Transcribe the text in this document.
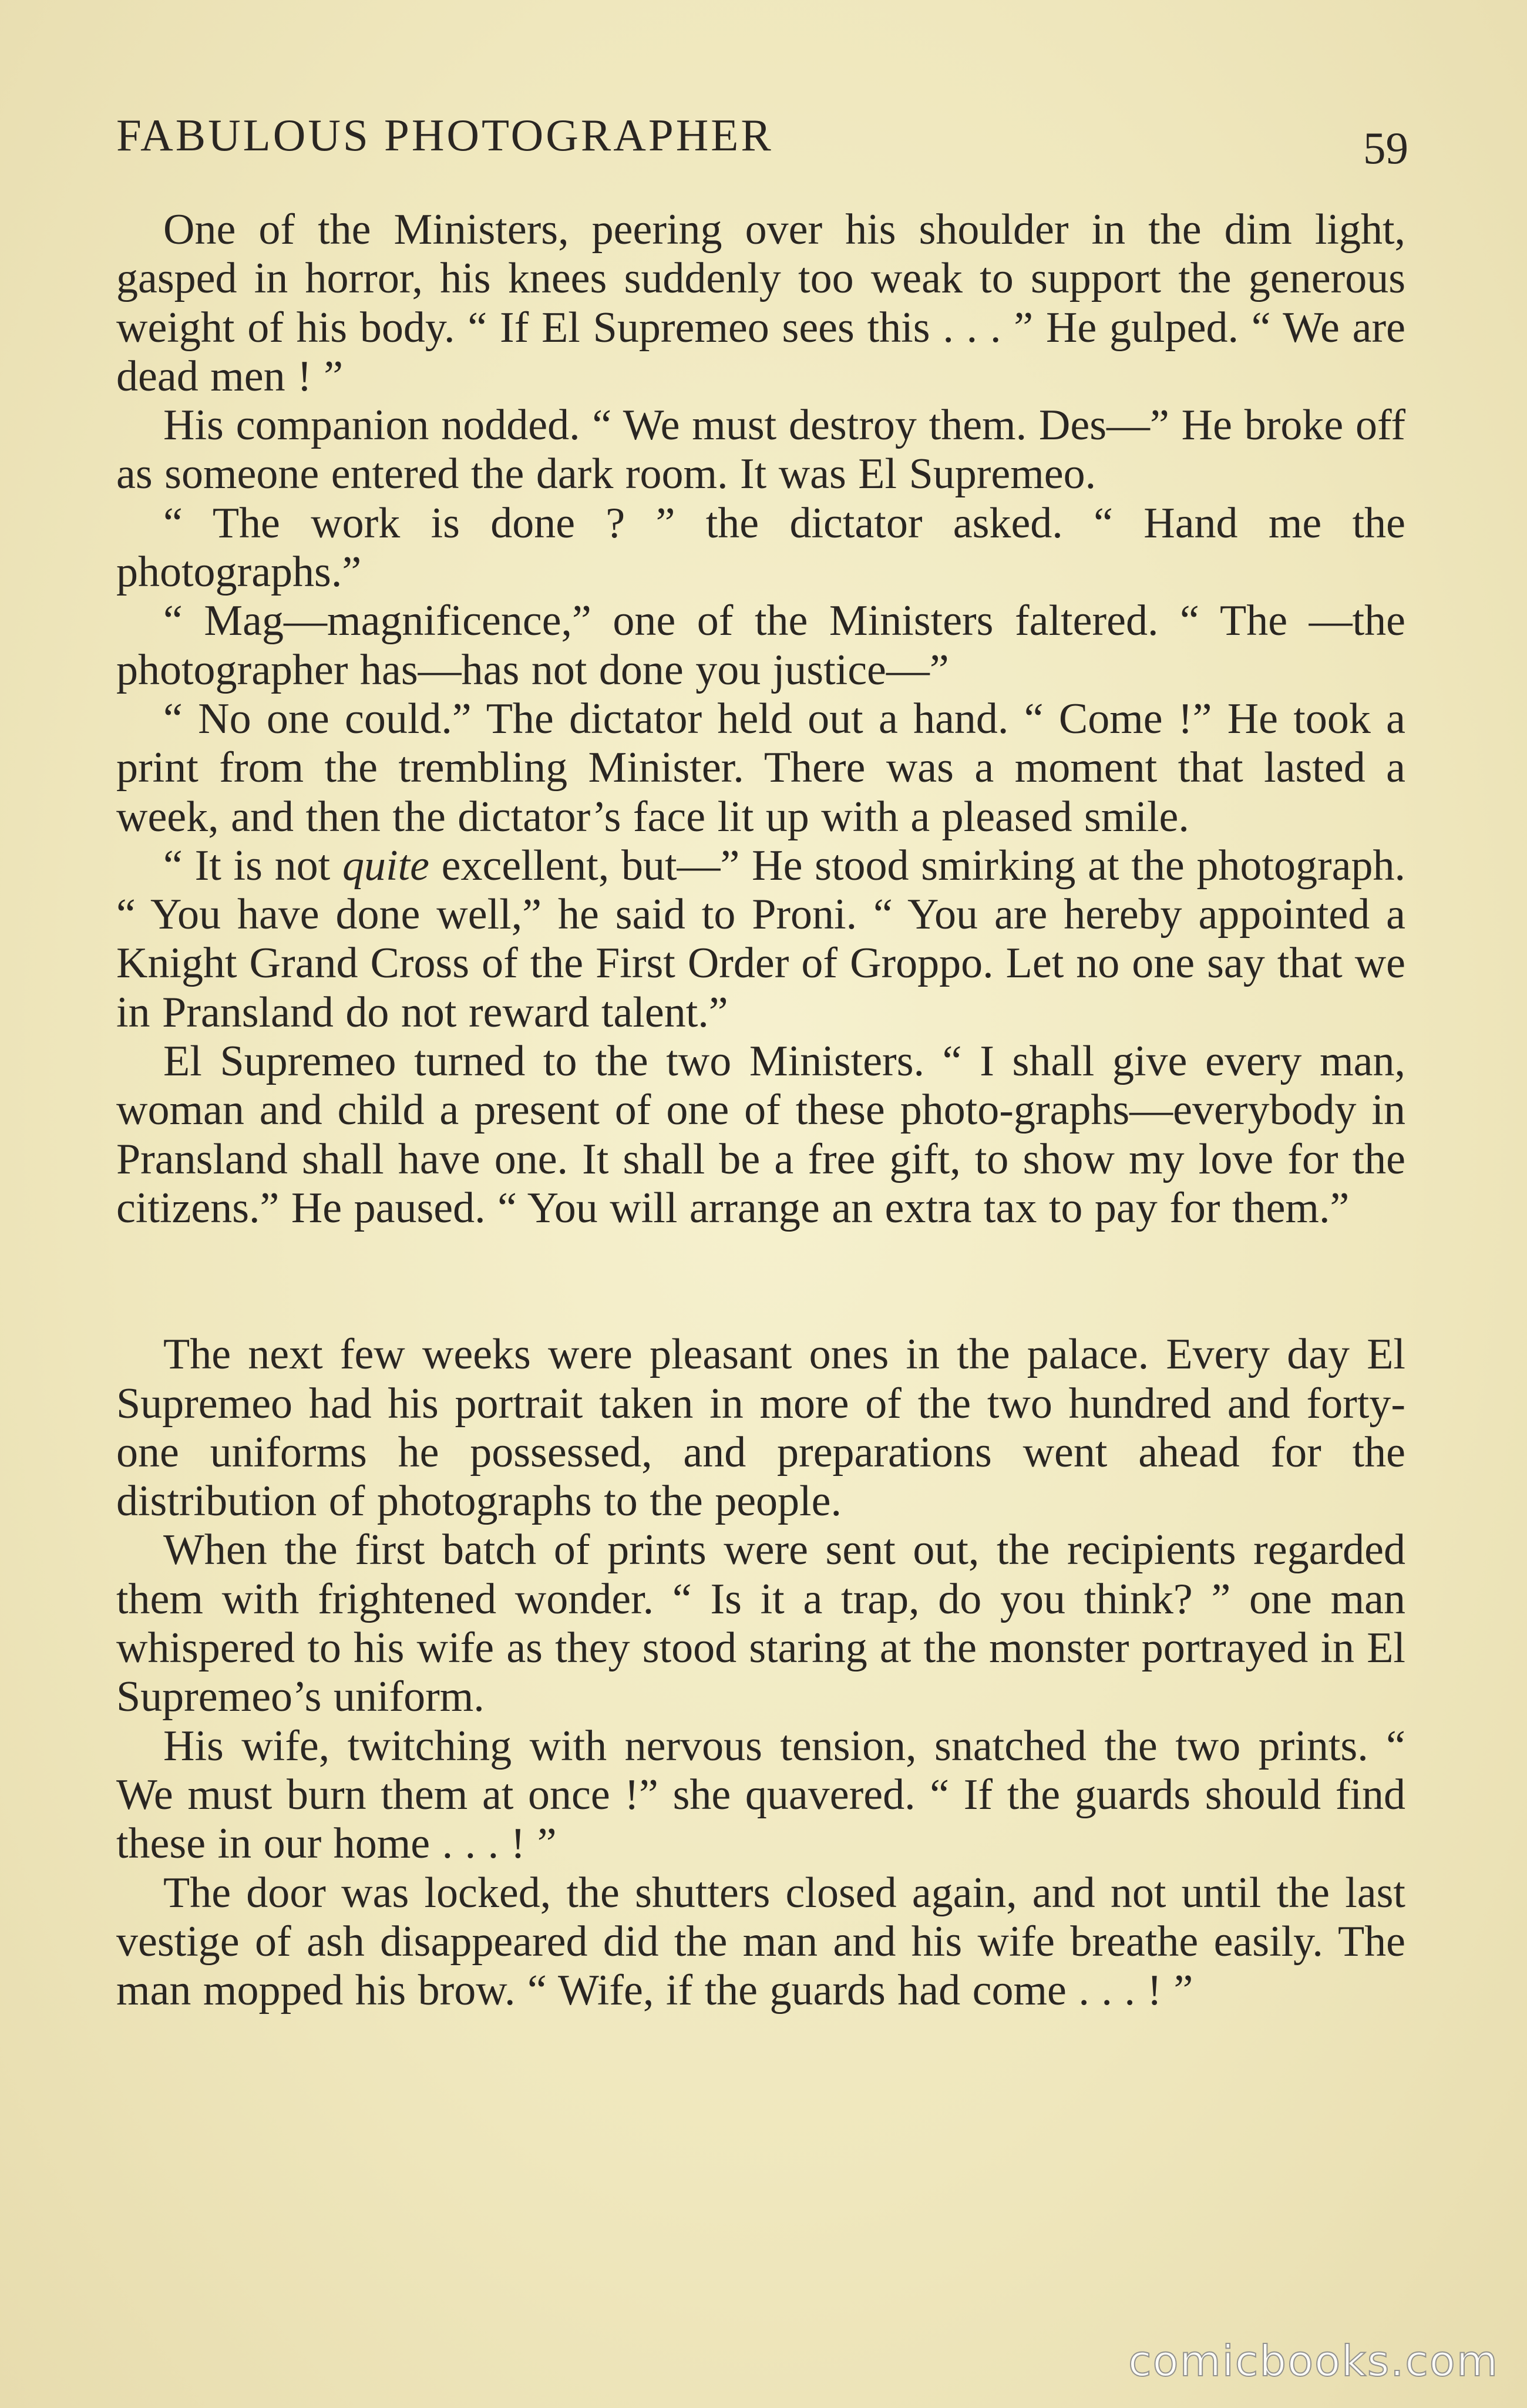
FABULOUS PHOTOGRAPHER	59

One of the Ministers, peering over his shoulder in the dim light, gasped in horror, his knees suddenly too weak to support the generous weight of his body. “ If El Supremeo sees this . . . ” He gulped. “ We are dead men ! ”

His companion nodded. “ We must destroy them. Des—” He broke off as someone entered the dark room. It was El Supremeo.

“ The work is done ? ” the dictator asked. “ Hand me the photographs.”

“ Mag—magnificence,” one of the Ministers faltered. “ The —the photographer has—has not done you justice—”

“ No one could.” The dictator held out a hand. “ Come !” He took a print from the trembling Minister. There was a moment that lasted a week, and then the dictator’s face lit up with a pleased smile.

“ It is not quite excellent, but—” He stood smirking at the photograph. “ You have done well,” he said to Proni. “ You are hereby appointed a Knight Grand Cross of the First Order of Groppo. Let no one say that we in Pransland do not reward talent.”

El Supremeo turned to the two Ministers. “ I shall give every man, woman and child a present of one of these photo-graphs—everybody in Pransland shall have one. It shall be a free gift, to show my love for the citizens.” He paused. “ You will arrange an extra tax to pay for them.”

The next few weeks were pleasant ones in the palace. Every day El Supremeo had his portrait taken in more of the two hundred and forty-one uniforms he possessed, and preparations went ahead for the distribution of photographs to the people.

When the first batch of prints were sent out, the recipients regarded them with frightened wonder. “ Is it a trap, do you think? ” one man whispered to his wife as they stood staring at the monster portrayed in El Supremeo’s uniform.

His wife, twitching with nervous tension, snatched the two prints. “ We must burn them at once !” she quavered. “ If the guards should find these in our home . . . ! ”

The door was locked, the shutters closed again, and not until the last vestige of ash disappeared did the man and his wife breathe easily. The man mopped his brow. “ Wife, if the guards had come . . . ! ”

comicbooks.com
